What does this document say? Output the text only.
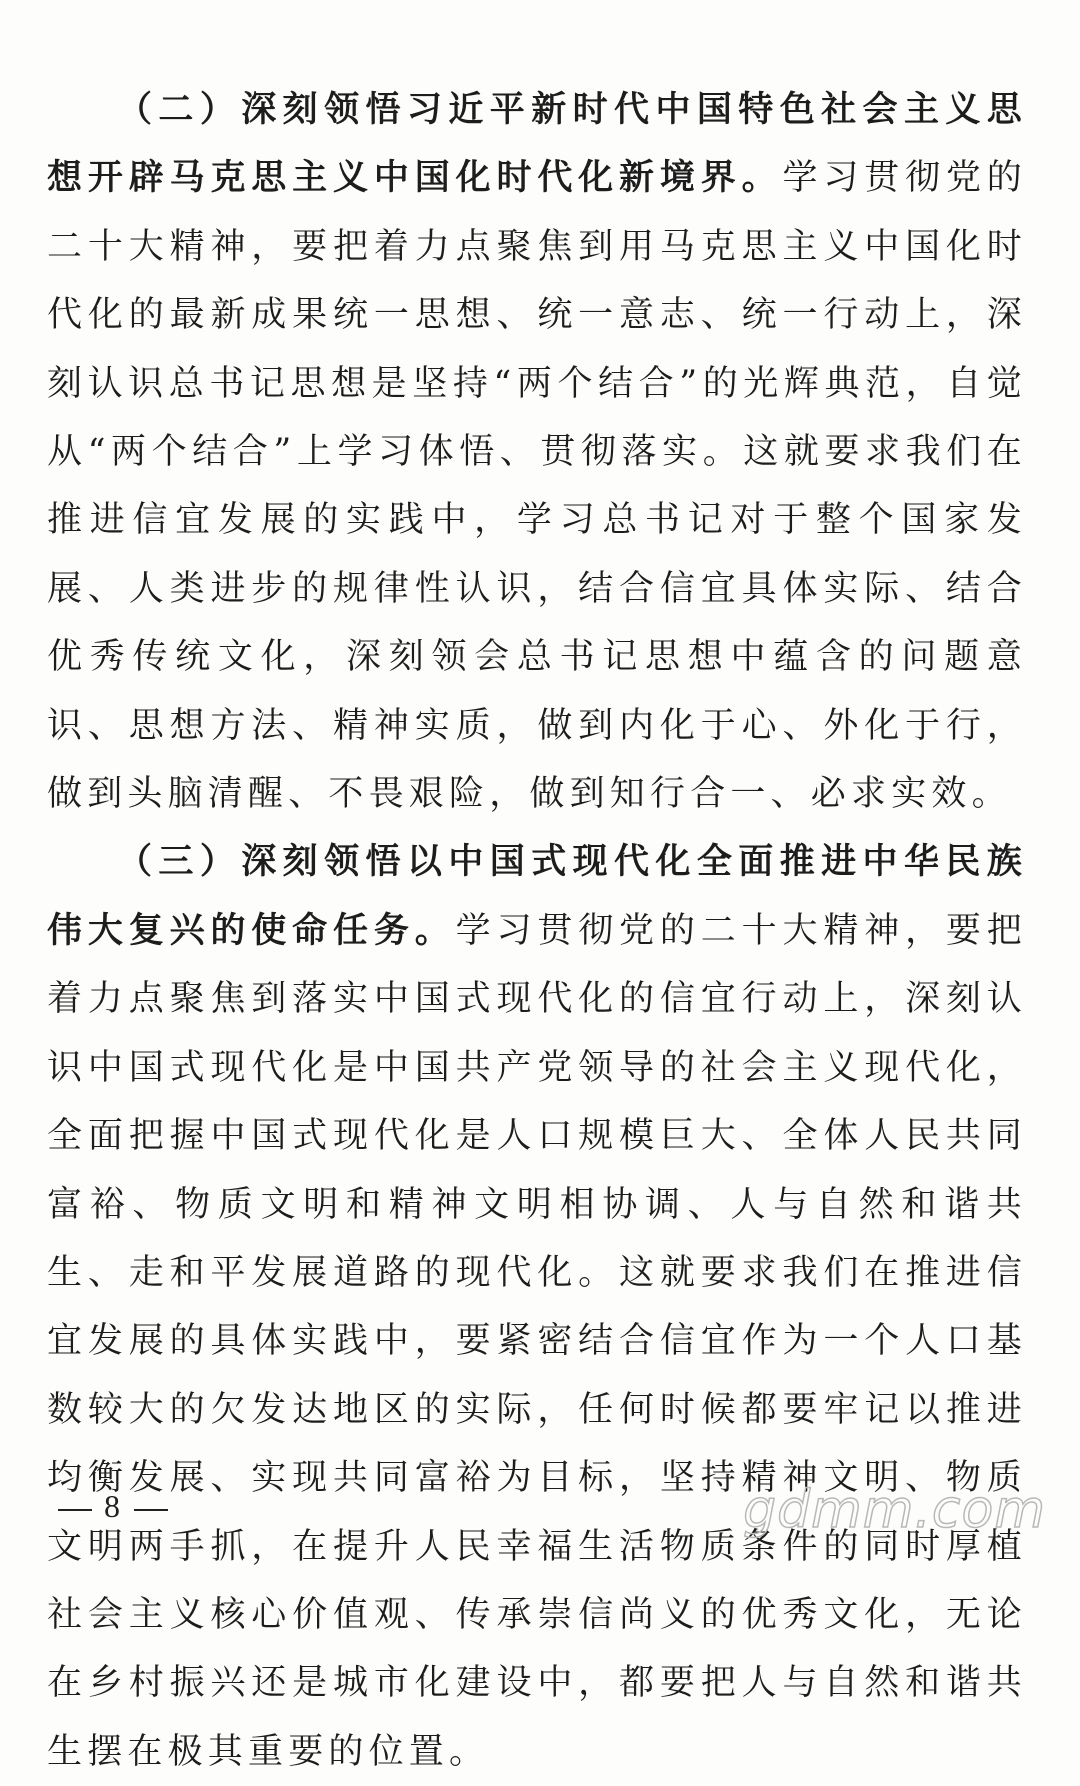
（二）深刻领悟习近平新时代中国特色社会主义思想开辟马克思主义中国化时代化新境界。学习贯彻党的二十大精神，要把着力点聚焦到用马克思主义中国化时代化的最新成果统一思想、统一意志、统一行动上，深刻认识总书记思想是坚持“两个结合”的光辉典范，自觉从“两个结合”上学习体悟、贯彻落实。这就要求我们在推进信宜发展的实践中，学习总书记对于整个国家发展、人类进步的规律性认识，结合信宜具体实际、结合优秀传统文化，深刻领会总书记思想中蕴含的问题意识、思想方法、精神实质，做到内化于心、外化于行，做到头脑清醒、不畏艰险，做到知行合一、必求实效。

（三）深刻领悟以中国式现代化全面推进中华民族伟大复兴的使命任务。学习贯彻党的二十大精神，要把着力点聚焦到落实中国式现代化的信宜行动上，深刻认识中国式现代化是中国共产党领导的社会主义现代化，全面把握中国式现代化是人口规模巨大、全体人民共同富裕、物质文明和精神文明相协调、人与自然和谐共生、走和平发展道路的现代化。这就要求我们在推进信宜发展的具体实践中，要紧密结合信宜作为一个人口基数较大的欠发达地区的实际，任何时候都要牢记以推进均衡发展、实现共同富裕为目标，坚持精神文明、物质文明两手抓，在提升人民幸福生活物质条件的同时厚植社会主义核心价值观、传承崇信尚义的优秀文化，无论在乡村振兴还是城市化建设中，都要把人与自然和谐共生摆在极其重要的位置。

8	gdmm.com
